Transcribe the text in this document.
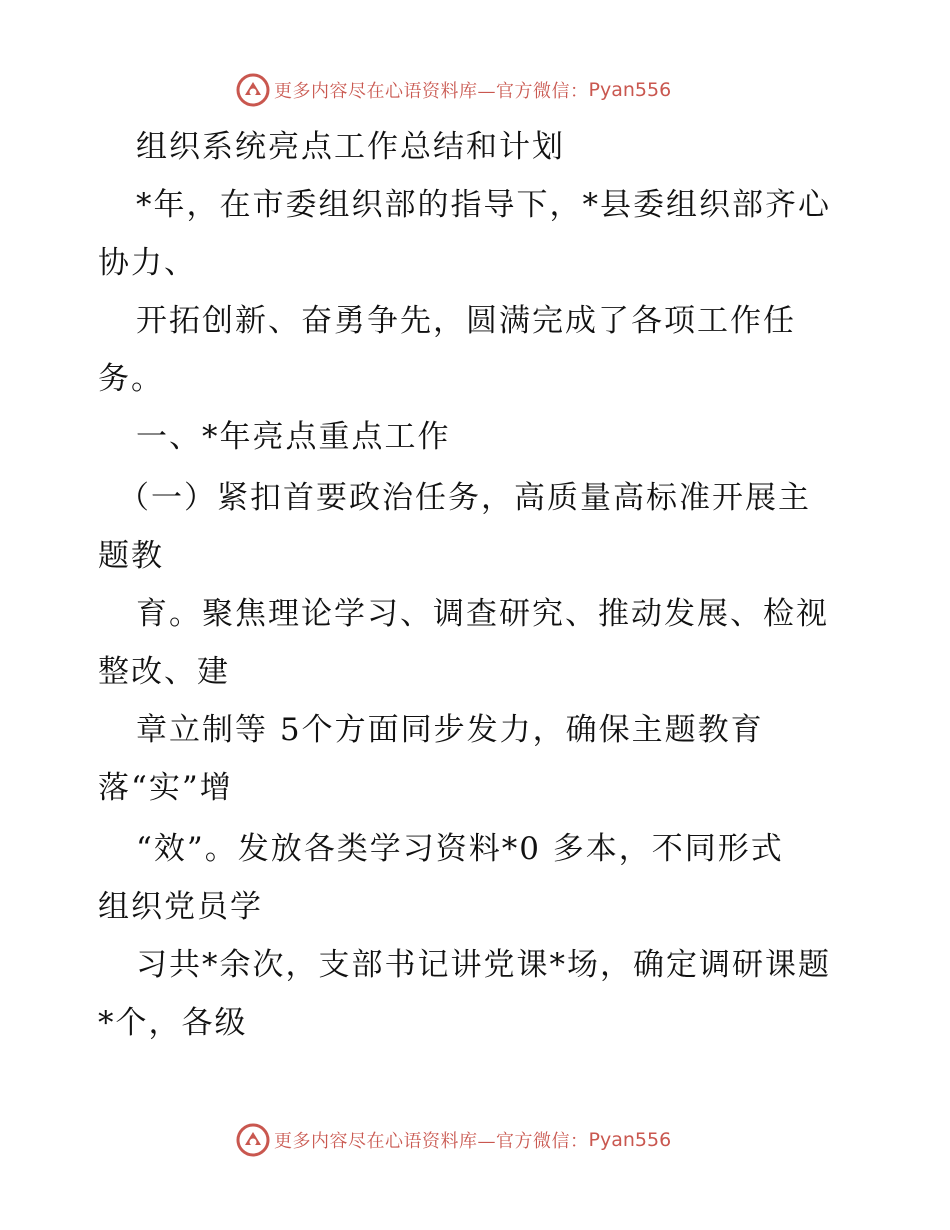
更多内容尽在心语资料库—官方微信： Pyan556
组织系统亮点工作总结和计划
*年，在市委组织部的指导下，*县委组织部齐心
协力、
开拓创新、奋勇争先，圆满完成了各项工作任
务。
一、*年亮点重点工作
（一）紧扣首要政治任务，高质量高标准开展主
题教
育。聚焦理论学习、调查研究、推动发展、检视
整改、建
章立制等 5个方面同步发力，确保主题教育
落“实”增
“效”。发放各类学习资料*0 多本，不同形式
组织党员学
习共*余次，支部书记讲党课*场，确定调研课题
*个，各级
更多内容尽在心语资料库—官方微信： Pyan556
